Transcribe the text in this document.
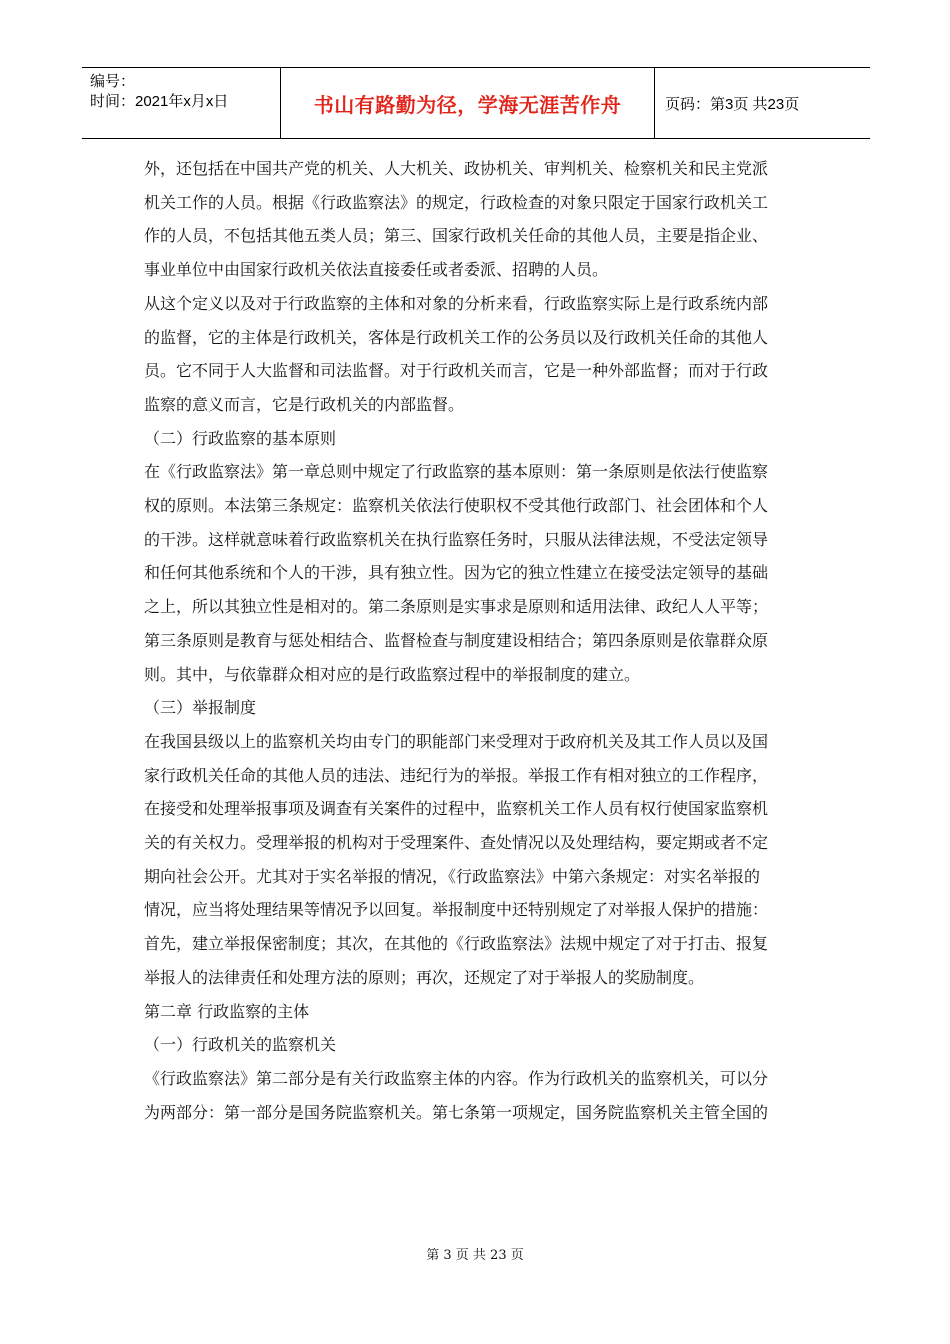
编号：
时间：2021年x月x日	书山有路勤为径，学海无涯苦作舟	页码：第3页 共23页

外，还包括在中国共产党的机关、人大机关、政协机关、审判机关、检察机关和民主党派

机关工作的人员。根据《行政监察法》的规定，行政检查的对象只限定于国家行政机关工

作的人员，不包括其他五类人员；第三、国家行政机关任命的其他人员，主要是指企业、

事业单位中由国家行政机关依法直接委任或者委派、招聘的人员。

从这个定义以及对于行政监察的主体和对象的分析来看，行政监察实际上是行政系统内部

的监督，它的主体是行政机关，客体是行政机关工作的公务员以及行政机关任命的其他人

员。它不同于人大监督和司法监督。对于行政机关而言，它是一种外部监督；而对于行政

监察的意义而言，它是行政机关的内部监督。

（二）行政监察的基本原则

在《行政监察法》第一章总则中规定了行政监察的基本原则：第一条原则是依法行使监察

权的原则。本法第三条规定：监察机关依法行使职权不受其他行政部门、社会团体和个人

的干涉。这样就意味着行政监察机关在执行监察任务时，只服从法律法规，不受法定领导

和任何其他系统和个人的干涉，具有独立性。因为它的独立性建立在接受法定领导的基础

之上，所以其独立性是相对的。第二条原则是实事求是原则和适用法律、政纪人人平等；

第三条原则是教育与惩处相结合、监督检查与制度建设相结合；第四条原则是依靠群众原

则。其中，与依靠群众相对应的是行政监察过程中的举报制度的建立。

（三）举报制度

在我国县级以上的监察机关均由专门的职能部门来受理对于政府机关及其工作人员以及国

家行政机关任命的其他人员的违法、违纪行为的举报。举报工作有相对独立的工作程序，

在接受和处理举报事项及调查有关案件的过程中，监察机关工作人员有权行使国家监察机

关的有关权力。受理举报的机构对于受理案件、查处情况以及处理结构，要定期或者不定

期向社会公开。尤其对于实名举报的情况，《行政监察法》中第六条规定：对实名举报的

情况，应当将处理结果等情况予以回复。举报制度中还特别规定了对举报人保护的措施：

首先，建立举报保密制度；其次，在其他的《行政监察法》法规中规定了对于打击、报复

举报人的法律责任和处理方法的原则；再次，还规定了对于举报人的奖励制度。

第二章 行政监察的主体

（一）行政机关的监察机关

《行政监察法》第二部分是有关行政监察主体的内容。作为行政机关的监察机关，可以分

为两部分：第一部分是国务院监察机关。第七条第一项规定，国务院监察机关主管全国的

第 3 页 共 23 页
